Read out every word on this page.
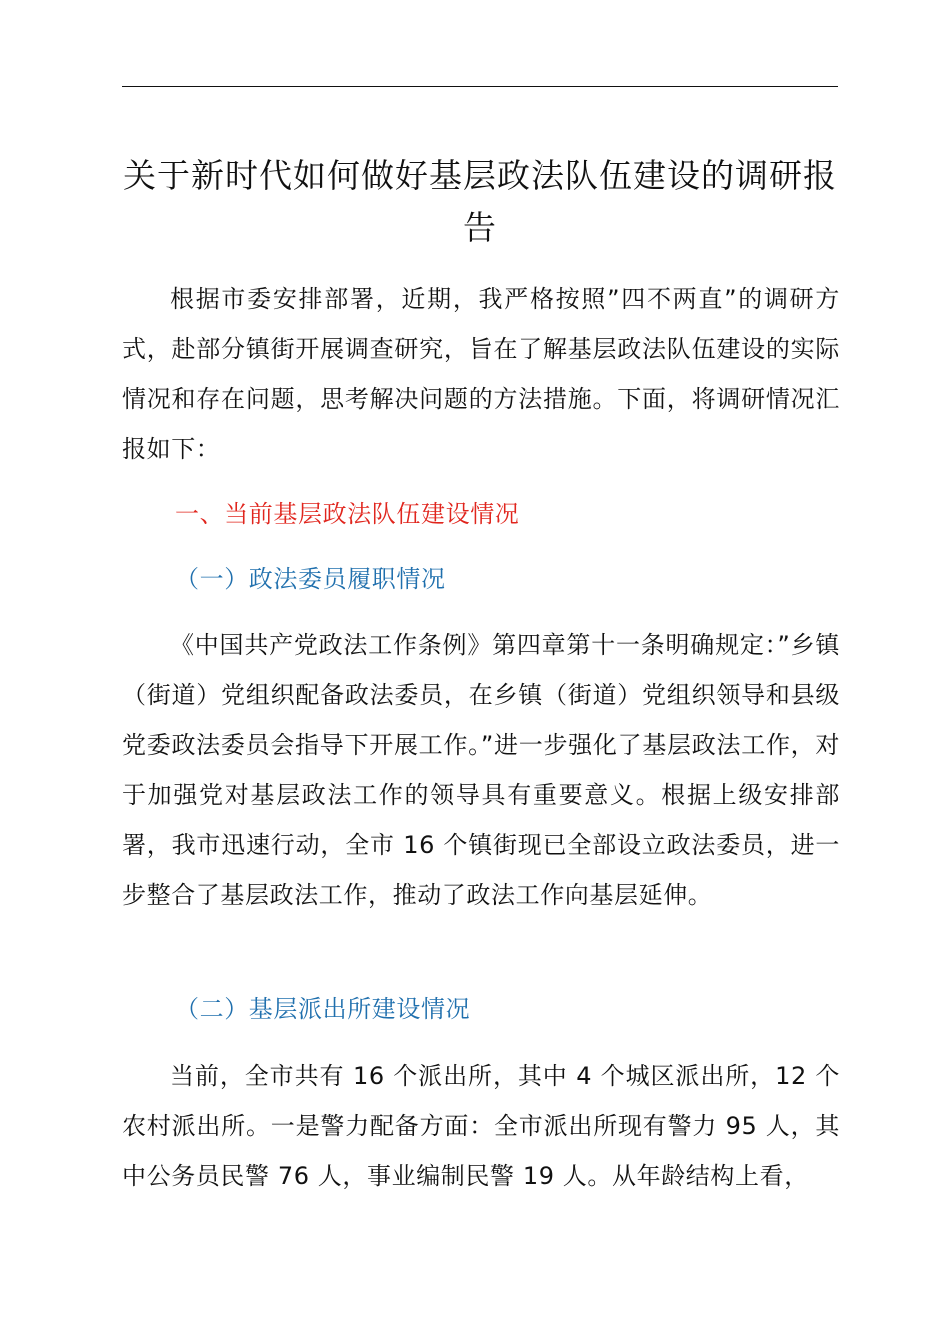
关于新时代如何做好基层政法队伍建设的调研报告

根据市委安排部署，近期，我严格按照”四不两直”的调研方式，赴部分镇街开展调查研究，旨在了解基层政法队伍建设的实际情况和存在问题，思考解决问题的方法措施。下面，将调研情况汇报如下：

一、当前基层政法队伍建设情况

（一）政法委员履职情况

《中国共产党政法工作条例》第四章第十一条明确规定：”乡镇（街道）党组织配备政法委员，在乡镇（街道）党组织领导和县级党委政法委员会指导下开展工作。”进一步强化了基层政法工作，对于加强党对基层政法工作的领导具有重要意义。根据上级安排部署，我市迅速行动，全市 16 个镇街现已全部设立政法委员，进一步整合了基层政法工作，推动了政法工作向基层延伸。

（二）基层派出所建设情况

当前，全市共有 16 个派出所，其中 4 个城区派出所，12 个农村派出所。一是警力配备方面：全市派出所现有警力 95 人，其中公务员民警 76 人，事业编制民警 19 人。从年龄结构上看，
